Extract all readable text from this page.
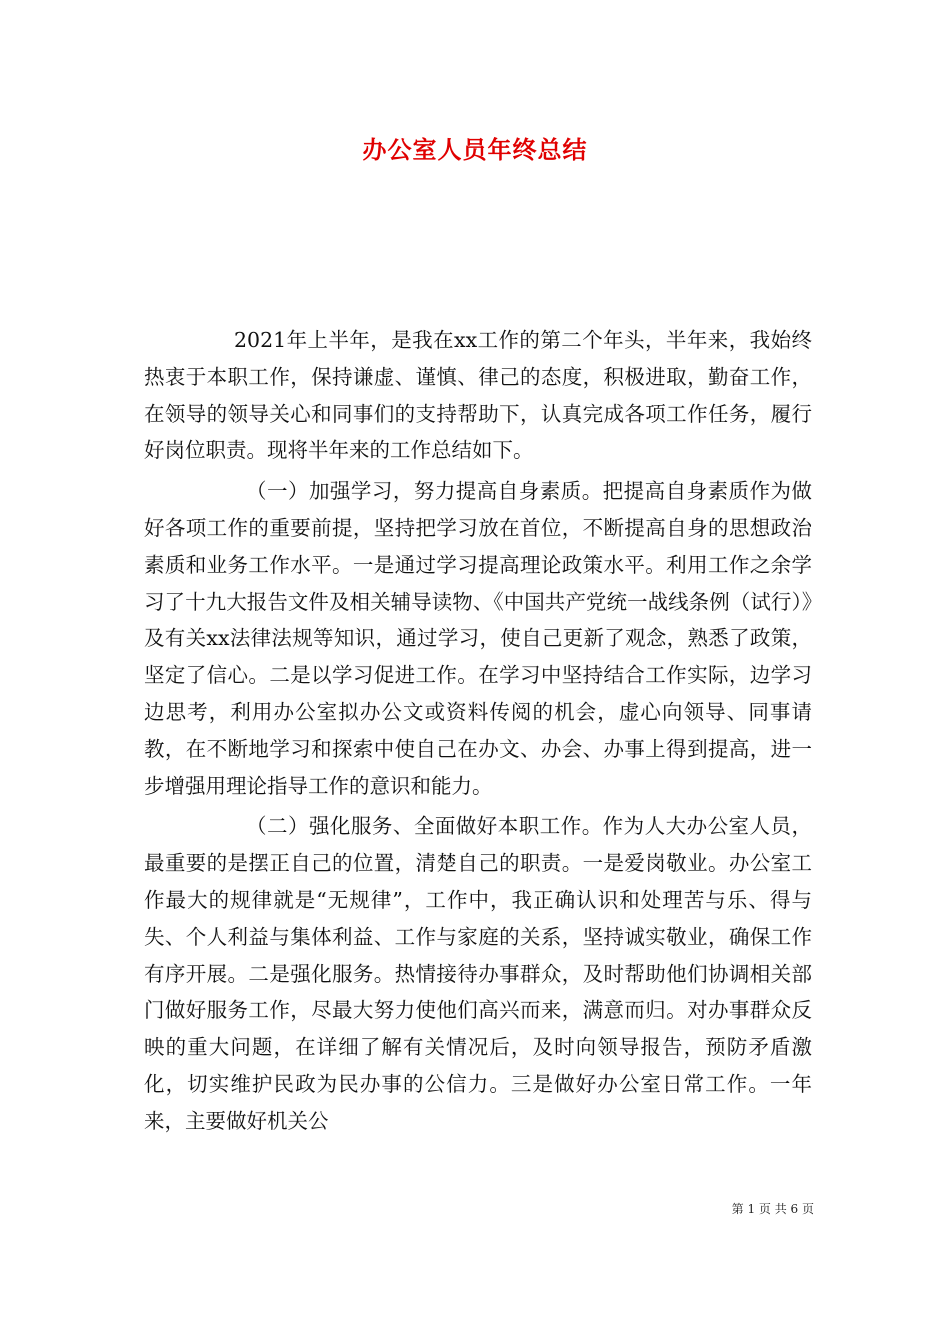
办公室人员年终总结

2021年上半年，是我在xx工作的第二个年头，半年来，我始终热衷于本职工作，保持谦虚、谨慎、律己的态度，积极进取，勤奋工作，在领导的领导关心和同事们的支持帮助下，认真完成各项工作任务，履行好岗位职责。现将半年来的工作总结如下。

（一）加强学习，努力提高自身素质。把提高自身素质作为做好各项工作的重要前提，坚持把学习放在首位，不断提高自身的思想政治素质和业务工作水平。一是通过学习提高理论政策水平。利用工作之余学习了十九大报告文件及相关辅导读物、《中国共产党统一战线条例（试行）》及有关xx法律法规等知识，通过学习，使自己更新了观念，熟悉了政策，坚定了信心。二是以学习促进工作。在学习中坚持结合工作实际，边学习边思考，利用办公室拟办公文或资料传阅的机会，虚心向领导、同事请教，在不断地学习和探索中使自己在办文、办会、办事上得到提高，进一步增强用理论指导工作的意识和能力。

（二）强化服务、全面做好本职工作。作为人大办公室人员，最重要的是摆正自己的位置，清楚自己的职责。一是爱岗敬业。办公室工作最大的规律就是“无规律”，工作中，我正确认识和处理苦与乐、得与失、个人利益与集体利益、工作与家庭的关系，坚持诚实敬业，确保工作有序开展。二是强化服务。热情接待办事群众，及时帮助他们协调相关部门做好服务工作，尽最大努力使他们高兴而来，满意而归。对办事群众反映的重大问题，在详细了解有关情况后，及时向领导报告，预防矛盾激化，切实维护民政为民办事的公信力。三是做好办公室日常工作。一年来，主要做好机关公

第 1 页 共 6 页
